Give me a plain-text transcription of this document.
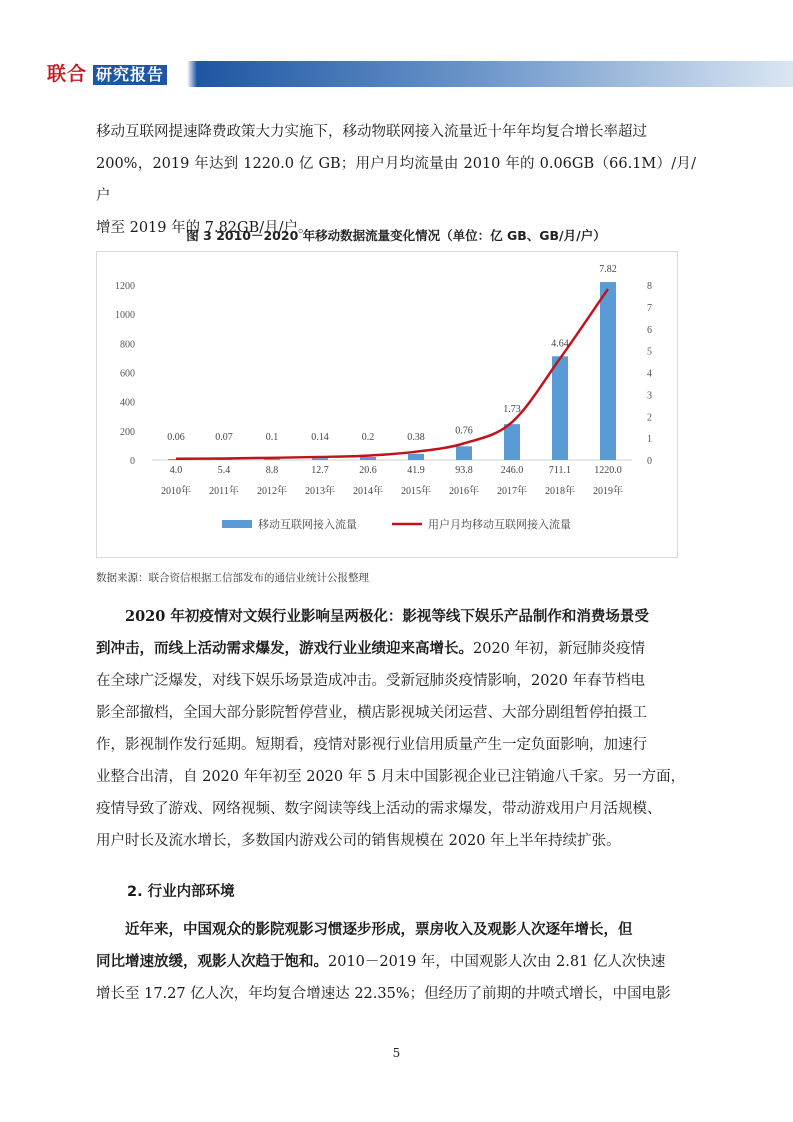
联合 研究报告
移动互联网提速降费政策大力实施下，移动物联网接入流量近十年年均复合增长率超过
200%，2019 年达到 1220.0 亿 GB；用户月均流量由 2010 年的 0.06GB（66.1M）/月/户
增至 2019 年的 7.82GB/月/户。
图 3 2010－2020 年移动数据流量变化情况（单位：亿 GB、GB/月/户）
0
200
400
600
800
1000
1200
0
1
2
3
4
5
6
7
8
4.0	5.4	8.8	12.7	20.6	41.9	93.8	246.0	711.1 1220.0
2010年 2011年 2012年 2013年 2014年 2015年 2016年 2017年 2018年 2019年
0.06	0.07	0.1	0.14	0.2	0.38
0.76
1.73
4.64
7.82
移动互联网接入流量	用户月均移动互联网接入流量
数据来源：联合资信根据工信部发布的通信业统计公报整理
2020 年初疫情对文娱行业影响呈两极化：影视等线下娱乐产品制作和消费场景受
到冲击，而线上活动需求爆发，游戏行业业绩迎来高增长。2020 年初，新冠肺炎疫情
在全球广泛爆发，对线下娱乐场景造成冲击。受新冠肺炎疫情影响，2020 年春节档电
影全部撤档，全国大部分影院暂停营业，横店影视城关闭运营、大部分剧组暂停拍摄工
作，影视制作发行延期。短期看，疫情对影视行业信用质量产生一定负面影响，加速行
业整合出清，自 2020 年年初至 2020 年 5 月末中国影视企业已注销逾八千家。另一方面，
疫情导致了游戏、网络视频、数字阅读等线上活动的需求爆发，带动游戏用户月活规模、
用户时长及流水增长，多数国内游戏公司的销售规模在 2020 年上半年持续扩张。
2. 行业内部环境
近年来，中国观众的影院观影习惯逐步形成，票房收入及观影人次逐年增长，但
同比增速放缓，观影人次趋于饱和。2010－2019 年，中国观影人次由 2.81 亿人次快速
增长至 17.27 亿人次，年均复合增速达 22.35%；但经历了前期的井喷式增长，中国电影
5
